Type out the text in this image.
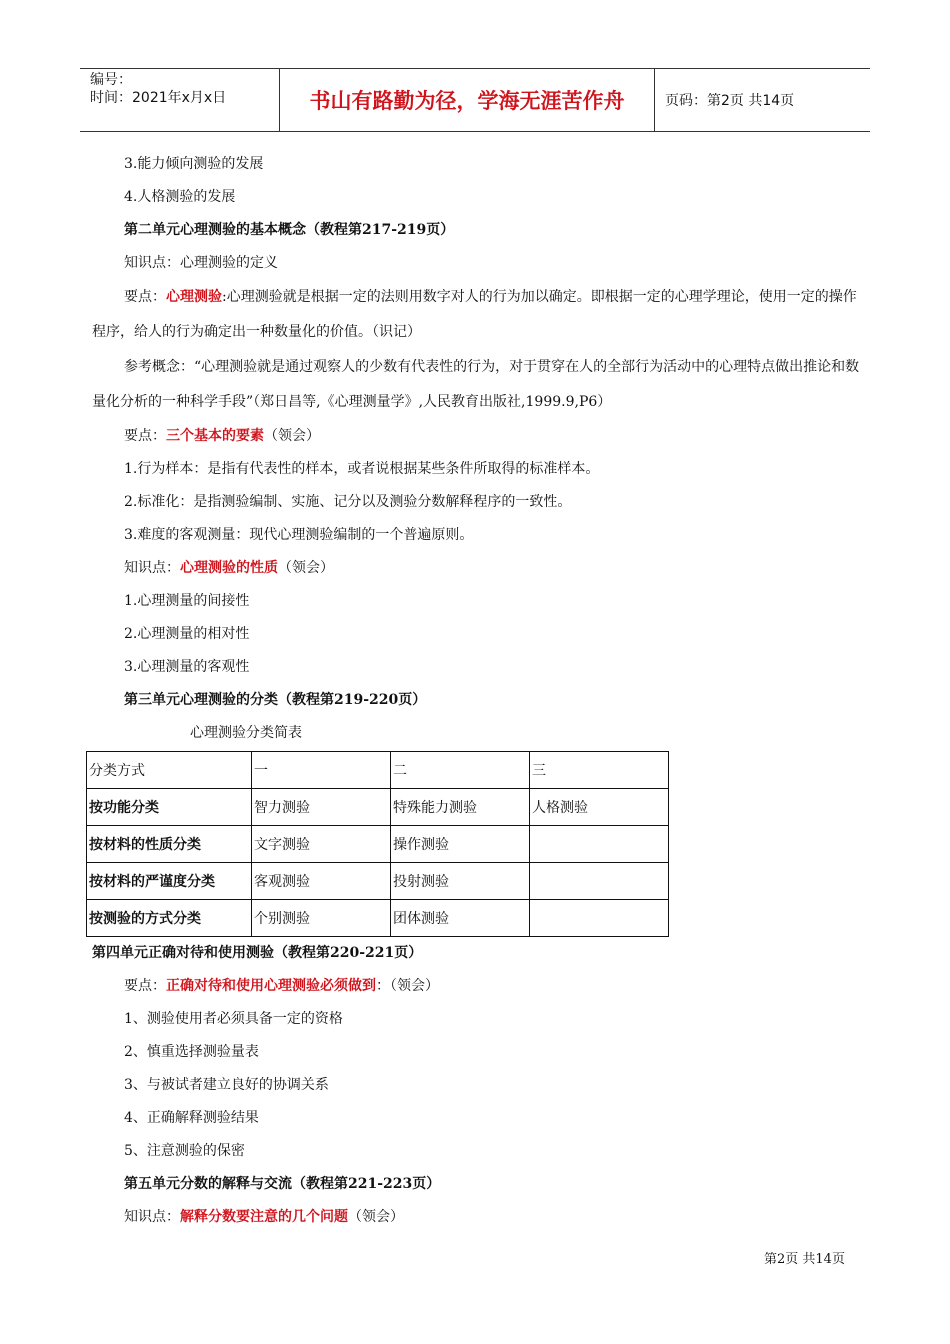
编号：
时间：2021年x月x日	书山有路勤为径，学海无涯苦作舟	页码：第2页 共14页
3.能力倾向测验的发展
4.人格测验的发展
第二单元心理测验的基本概念（教程第217-219页）
知识点：心理测验的定义
要点：心理测验:心理测验就是根据一定的法则用数字对人的行为加以确定。即根据一定的心理学理论，使用一定的操作程序，给人的行为确定出一种数量化的价值。（识记）
参考概念：“心理测验就是通过观察人的少数有代表性的行为，对于贯穿在人的全部行为活动中的心理特点做出推论和数量化分析的一种科学手段”（郑日昌等,《心理测量学》,人民教育出版社,1999.9,P6）
要点：三个基本的要素（领会）
1.行为样本：是指有代表性的样本，或者说根据某些条件所取得的标准样本。
2.标准化：是指测验编制、实施、记分以及测验分数解释程序的一致性。
3.难度的客观测量：现代心理测验编制的一个普遍原则。
知识点：心理测验的性质（领会）
1.心理测量的间接性
2.心理测量的相对性
3.心理测量的客观性
第三单元心理测验的分类（教程第219-220页）
心理测验分类简表
分类方式	一	二	三
按功能分类	智力测验	特殊能力测验	人格测验
按材料的性质分类	文字测验	操作测验	
按材料的严谨度分类	客观测验	投射测验	
按测验的方式分类	个别测验	团体测验	
第四单元正确对待和使用测验（教程第220-221页）
要点：正确对待和使用心理测验必须做到：（领会）
1、测验使用者必须具备一定的资格
2、慎重选择测验量表
3、与被试者建立良好的协调关系
4、正确解释测验结果
5、注意测验的保密
第五单元分数的解释与交流（教程第221-223页）
知识点：解释分数要注意的几个问题（领会）
第2页 共14页
